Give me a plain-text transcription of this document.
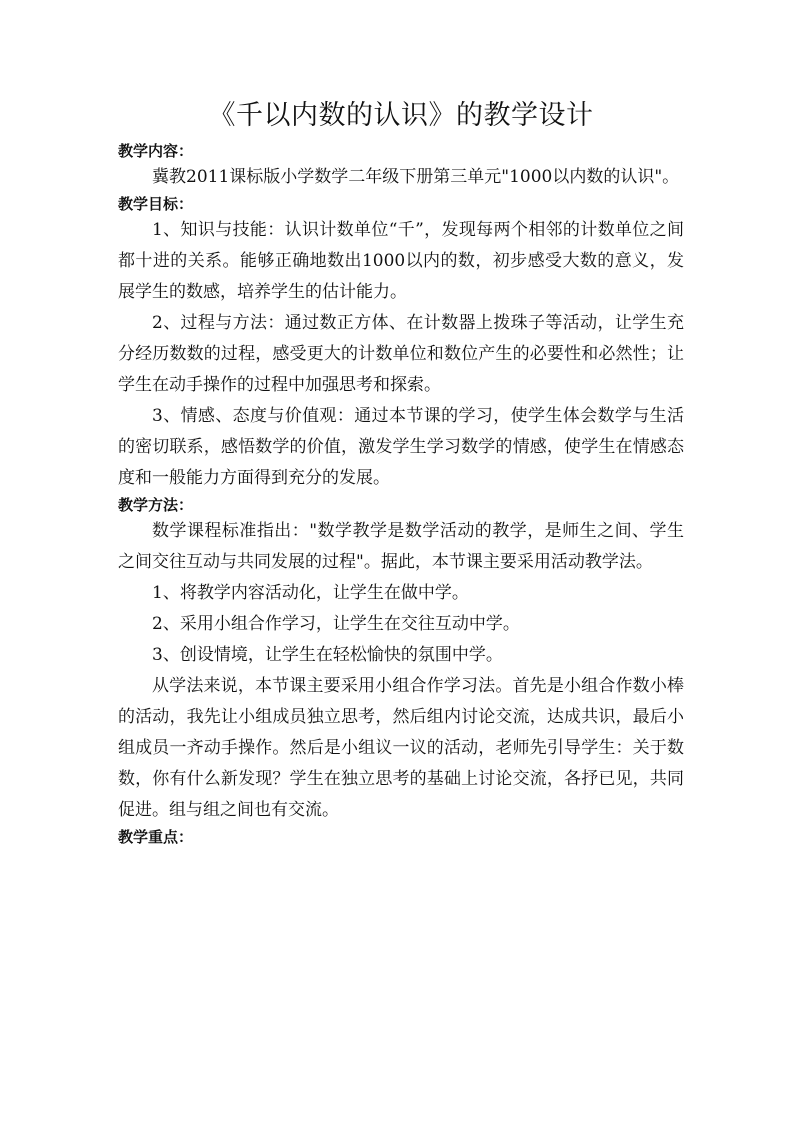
《千以内数的认识》的教学设计

教学内容：

冀教2011课标版小学数学二年级下册第三单元"1000以内数的认识"。

教学目标：

1、知识与技能：认识计数单位“千”，发现每两个相邻的计数单位之间都十进的关系。能够正确地数出1000以内的数，初步感受大数的意义，发展学生的数感，培养学生的估计能力。

2、过程与方法：通过数正方体、在计数器上拨珠子等活动，让学生充分经历数数的过程，感受更大的计数单位和数位产生的必要性和必然性；让学生在动手操作的过程中加强思考和探索。

3、情感、态度与价值观：通过本节课的学习，使学生体会数学与生活的密切联系，感悟数学的价值，激发学生学习数学的情感，使学生在情感态度和一般能力方面得到充分的发展。

教学方法：

数学课程标准指出："数学教学是数学活动的教学，是师生之间、学生之间交往互动与共同发展的过程"。据此，本节课主要采用活动教学法。

1、将教学内容活动化，让学生在做中学。

2、采用小组合作学习，让学生在交往互动中学。

3、创设情境，让学生在轻松愉快的氛围中学。

从学法来说，本节课主要采用小组合作学习法。首先是小组合作数小棒的活动，我先让小组成员独立思考，然后组内讨论交流，达成共识，最后小组成员一齐动手操作。然后是小组议一议的活动，老师先引导学生：关于数数，你有什么新发现？学生在独立思考的基础上讨论交流，各抒已见，共同促进。组与组之间也有交流。

教学重点：
